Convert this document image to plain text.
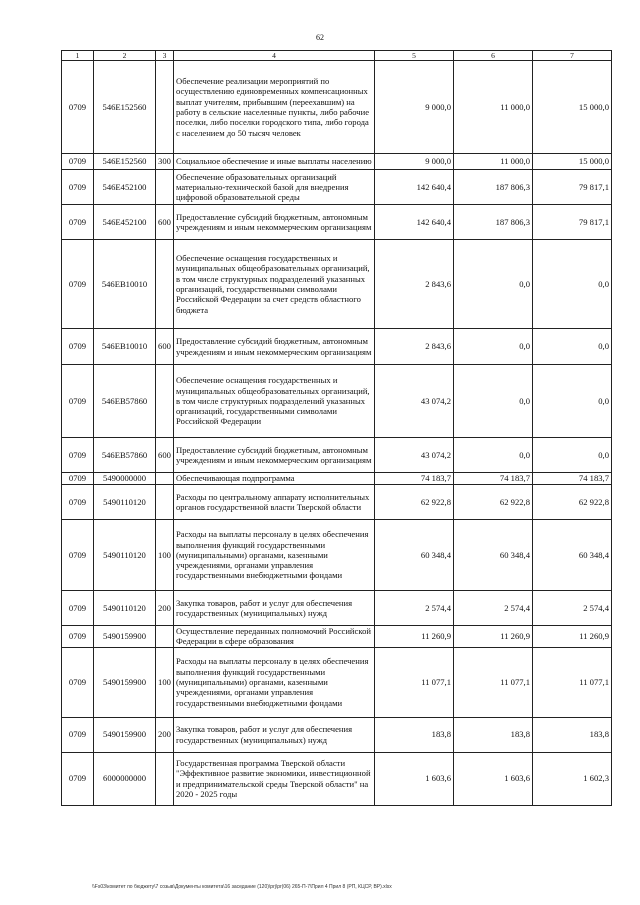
62
1	2	3	4	5	6	7
0709	546E152560		Обеспечение реализации мероприятий по осуществлению единовременных компенсационных выплат учителям, прибывшим (переехавшим) на работу в сельские населенные пункты, либо рабочие поселки, либо поселки городского типа, либо города с населением до 50 тысяч человек	9 000,0	11 000,0	15 000,0
0709	546E152560	300	Социальное обеспечение и иные выплаты населению	9 000,0	11 000,0	15 000,0
0709	546E452100		Обеспечение образовательных организаций материально-технической базой для внедрения цифровой образовательной среды	142 640,4	187 806,3	79 817,1
0709	546E452100	600	Предоставление субсидий бюджетным, автономным учреждениям и иным некоммерческим организациям	142 640,4	187 806,3	79 817,1
0709	546EB10010		Обеспечение оснащения государственных и муниципальных общеобразовательных организаций, в том числе структурных подразделений указанных организаций, государственными символами Российской Федерации за счет средств областного бюджета	2 843,6	0,0	0,0
0709	546EB10010	600	Предоставление субсидий бюджетным, автономным учреждениям и иным некоммерческим организациям	2 843,6	0,0	0,0
0709	546EB57860		Обеспечение оснащения государственных и муниципальных общеобразовательных организаций, в том числе структурных подразделений указанных организаций, государственными символами Российской Федерации	43 074,2	0,0	0,0
0709	546EB57860	600	Предоставление субсидий бюджетным, автономным учреждениям и иным некоммерческим организациям	43 074,2	0,0	0,0
0709	5490000000		Обеспечивающая подпрограмма	74 183,7	74 183,7	74 183,7
0709	5490110120		Расходы по центральному аппарату исполнительных органов государственной власти Тверской области	62 922,8	62 922,8	62 922,8
0709	5490110120	100	Расходы на выплаты персоналу в целях обеспечения выполнения функций государственными (муниципальными) органами, казенными учреждениями, органами управления государственными внебюджетными фондами	60 348,4	60 348,4	60 348,4
0709	5490110120	200	Закупка товаров, работ и услуг для обеспечения государственных (муниципальных) нужд	2 574,4	2 574,4	2 574,4
0709	5490159900		Осуществление переданных полномочий Российской Федерации в сфере образования	11 260,9	11 260,9	11 260,9
0709	5490159900	100	Расходы на выплаты персоналу в целях обеспечения выполнения функций государственными (муниципальными) органами, казенными учреждениями, органами управления государственными внебюджетными фондами	11 077,1	11 077,1	11 077,1
0709	5490159900	200	Закупка товаров, работ и услуг для обеспечения государственных (муниципальных) нужд	183,8	183,8	183,8
0709	6000000000		Государственная программа Тверской области "Эффективное развитие экономики, инвестиционной и предпринимательской среды Тверской области" на 2020 - 2025 годы	1 603,6	1 603,6	1 602,3
\\Fs03\комитет по бюджету\7 созыв\Документы комитета\16 заседание (120)\prj\pr(06) 265-П-7\Прил 4 Прил 8 (РП, КЦСР, ВР).xlsx
